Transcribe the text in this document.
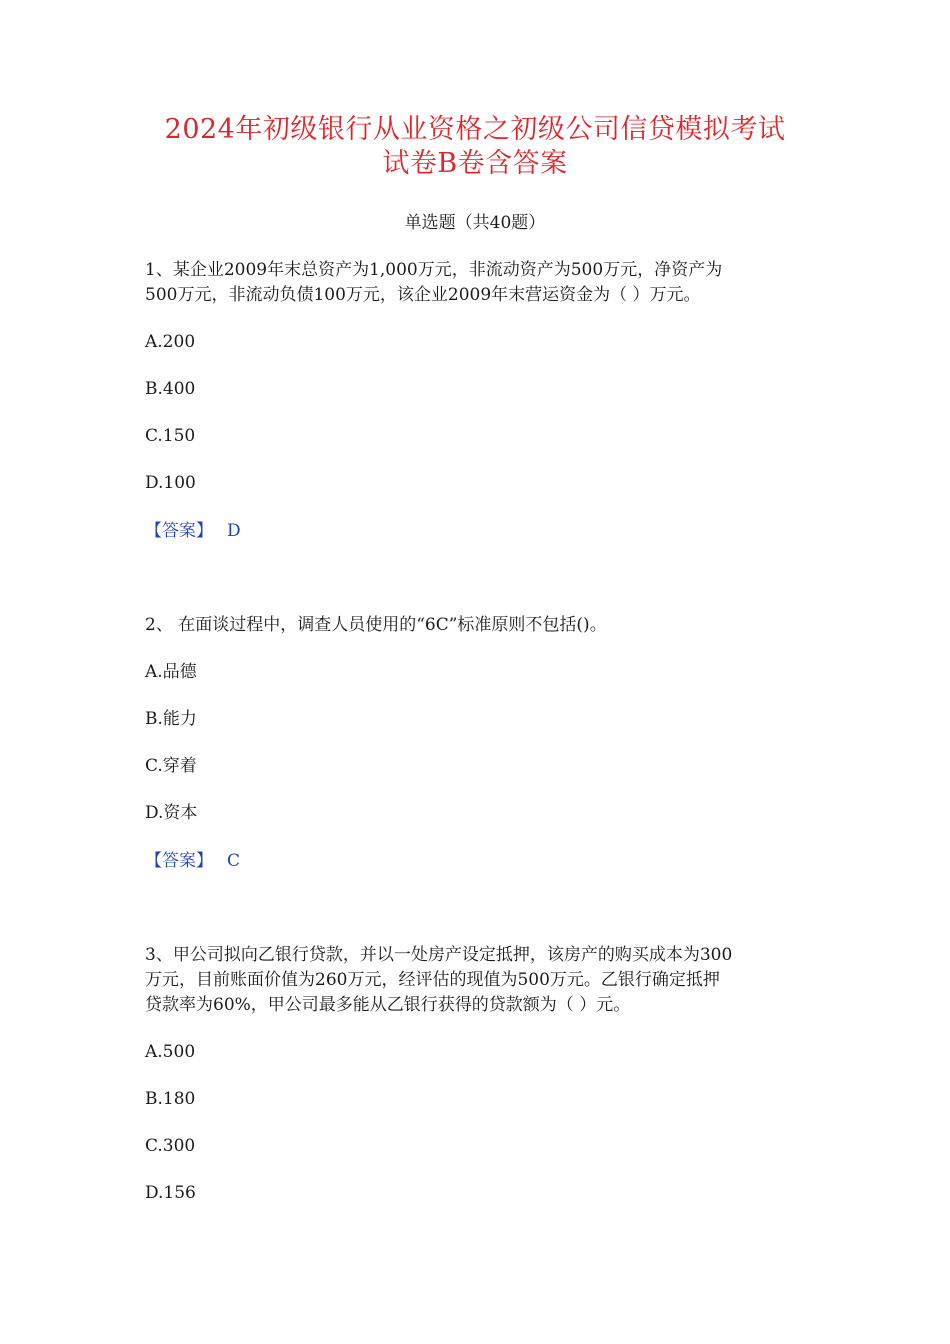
2024年初级银行从业资格之初级公司信贷模拟考试
试卷B卷含答案
单选题（共40题）
1、某企业2009年末总资产为1,000万元，非流动资产为500万元，净资产为
500万元，非流动负债100万元，该企业2009年末营运资金为（ ）万元。
A.200
B.400
C.150
D.100
【答案】 D
2、 在面谈过程中，调查人员使用的“6C”标准原则不包括()。
A.品德
B.能力
C.穿着
D.资本
【答案】 C
3、甲公司拟向乙银行贷款，并以一处房产设定抵押，该房产的购买成本为300
万元，目前账面价值为260万元，经评估的现值为500万元。乙银行确定抵押
贷款率为60%，甲公司最多能从乙银行获得的贷款额为（ ）元。
A.500
B.180
C.300
D.156
